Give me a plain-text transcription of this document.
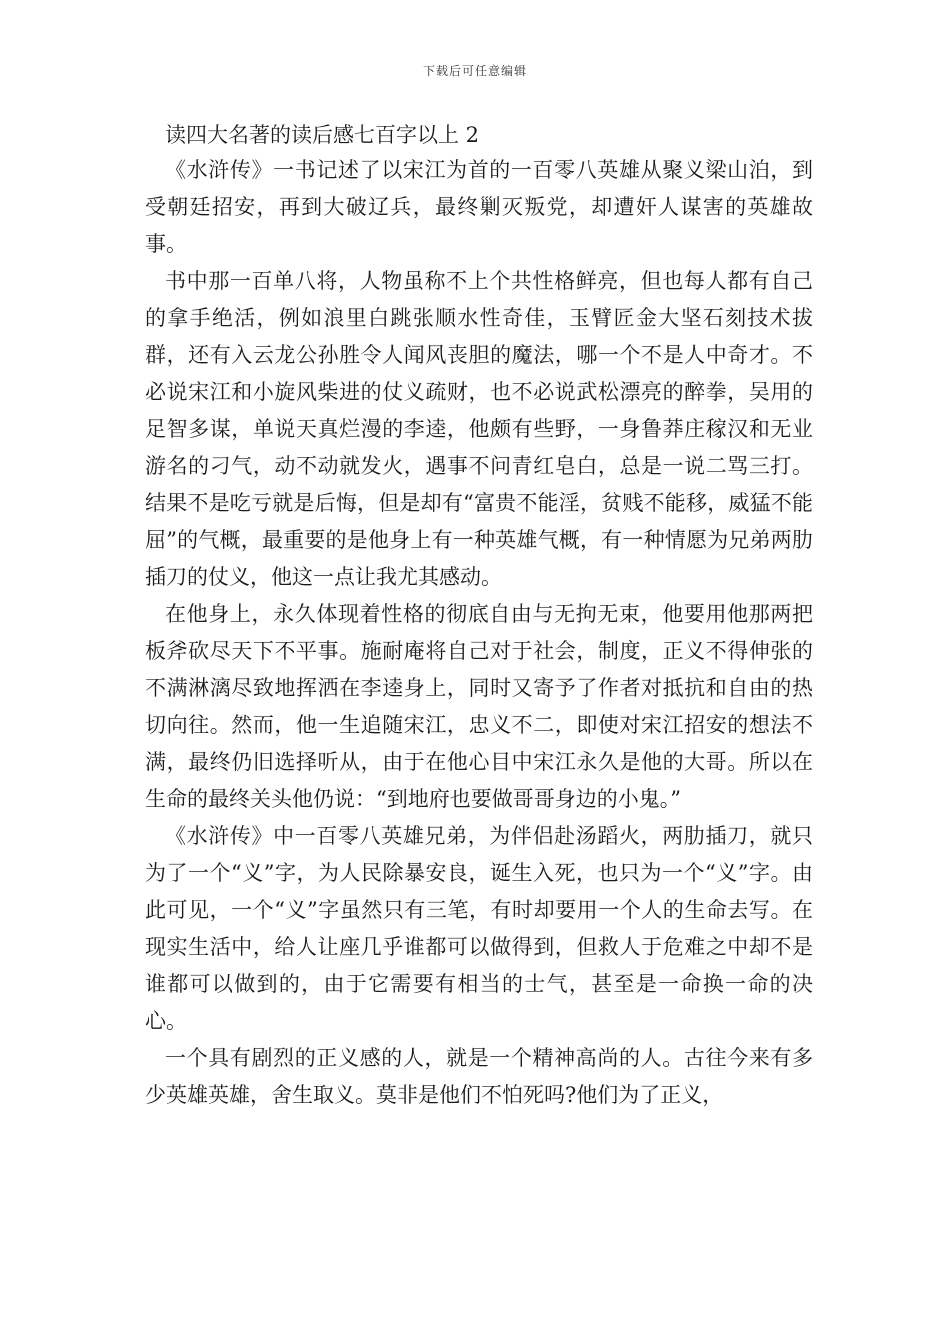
下载后可任意编辑
读四大名著的读后感七百字以上 2

《水浒传》一书记述了以宋江为首的一百零八英雄从聚义梁山泊，到受朝廷招安，再到大破辽兵，最终剿灭叛党，却遭奸人谋害的英雄故事。

书中那一百单八将，人物虽称不上个共性格鲜亮，但也每人都有自己的拿手绝活，例如浪里白跳张顺水性奇佳，玉臂匠金大坚石刻技术拔群，还有入云龙公孙胜令人闻风丧胆的魔法，哪一个不是人中奇才。不必说宋江和小旋风柴进的仗义疏财，也不必说武松漂亮的醉拳，吴用的足智多谋，单说天真烂漫的李逵，他颇有些野，一身鲁莽庄稼汉和无业游名的刁气，动不动就发火，遇事不问青红皂白，总是一说二骂三打。结果不是吃亏就是后悔，但是却有“富贵不能淫，贫贱不能移，威猛不能屈”的气概，最重要的是他身上有一种英雄气概，有一种情愿为兄弟两肋插刀的仗义，他这一点让我尤其感动。

在他身上，永久体现着性格的彻底自由与无拘无束，他要用他那两把板斧砍尽天下不平事。施耐庵将自己对于社会，制度，正义不得伸张的不满淋漓尽致地挥洒在李逵身上，同时又寄予了作者对抵抗和自由的热切向往。然而，他一生追随宋江，忠义不二，即使对宋江招安的想法不满，最终仍旧选择听从，由于在他心目中宋江永久是他的大哥。所以在生命的最终关头他仍说：“到地府也要做哥哥身边的小鬼。”

《水浒传》中一百零八英雄兄弟，为伴侣赴汤蹈火，两肋插刀，就只为了一个“义”字，为人民除暴安良，诞生入死，也只为一个“义”字。由此可见，一个“义”字虽然只有三笔，有时却要用一个人的生命去写。在现实生活中，给人让座几乎谁都可以做得到，但救人于危难之中却不是谁都可以做到的，由于它需要有相当的士气，甚至是一命换一命的决心。

一个具有剧烈的正义感的人，就是一个精神高尚的人。古往今来有多少英雄英雄，舍生取义。莫非是他们不怕死吗?他们为了正义，
